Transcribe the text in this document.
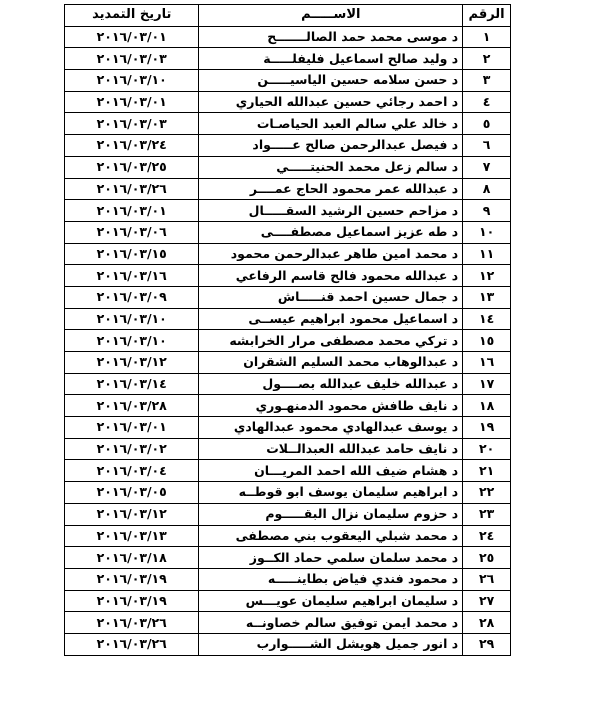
الرقم	الاســـــم	تاريخ التمديد
١	د موسى محمد حمد الصالـــــــح	٢٠١٦/٠٣/٠١
٢	د وليد صالح اسماعيل فليفلـــــة	٢٠١٦/٠٣/٠٣
٣	د حسن سلامه حسين الياسيـــــن	٢٠١٦/٠٣/١٠
٤	د احمد رجائي حسين عبدالله الحياري	٢٠١٦/٠٣/٠١
٥	د خالد علي سالم العبد الحياصـات	٢٠١٦/٠٣/٠٣
٦	د فيصل عبدالرحمن صالح عـــــواد	٢٠١٦/٠٣/٢٤
٧	د سالم زعل محمد الحنيتـــــي	٢٠١٦/٠٣/٢٥
٨	د عبدالله عمر محمود الحاج عمــــر	٢٠١٦/٠٣/٢٦
٩	د مزاحم حسين الرشيد السقـــــال	٢٠١٦/٠٣/٠١
١٠	د طه عزيز اسماعيل مصطفــــى	٢٠١٦/٠٣/٠٦
١١	د محمد امين طاهر عبدالرحمن محمود	٢٠١٦/٠٣/١٥
١٢	د عبدالله محمود فالح قاسم الرفاعي	٢٠١٦/٠٣/١٦
١٣	د جمال حسين احمد قنـــــاش	٢٠١٦/٠٣/٠٩
١٤	د اسماعيل محمود ابراهيم عيســى	٢٠١٦/٠٣/١٠
١٥	د تركي محمد مصطفى مرار الخرابشه	٢٠١٦/٠٣/١٠
١٦	د عبدالوهاب محمد السليم الشقران	٢٠١٦/٠٣/١٢
١٧	د عبدالله خليف عبدالله بصــــول	٢٠١٦/٠٣/١٤
١٨	د نايف طافش محمود الدمنهـوري	٢٠١٦/٠٣/٢٨
١٩	د يوسف عبدالهادي محمود عبدالهادي	٢٠١٦/٠٣/٠١
٢٠	د نايف حامد عبدالله العبدالــلات	٢٠١٦/٠٣/٠٢
٢١	د هشام ضيف الله احمد المريـــان	٢٠١٦/٠٣/٠٤
٢٢	د ابراهيم سليمان يوسف ابو قوطــه	٢٠١٦/٠٣/٠٥
٢٣	د حزوم سليمان نزال البقـــــوم	٢٠١٦/٠٣/١٢
٢٤	د محمد شبلي اليعقوب بني مصطفى	٢٠١٦/٠٣/١٣
٢٥	د محمد سلمان سلمي حماد الكــوز	٢٠١٦/٠٣/١٨
٢٦	د محمود فندي فياض بطاينـــــه	٢٠١٦/٠٣/١٩
٢٧	د سليمان ابراهيم سليمان عويـــس	٢٠١٦/٠٣/١٩
٢٨	د محمد ايمن توفيق سالم خصاونــه	٢٠١٦/٠٣/٢٦
٢٩	د انور جميل هويشل الشـــــوارب	٢٠١٦/٠٣/٢٦
